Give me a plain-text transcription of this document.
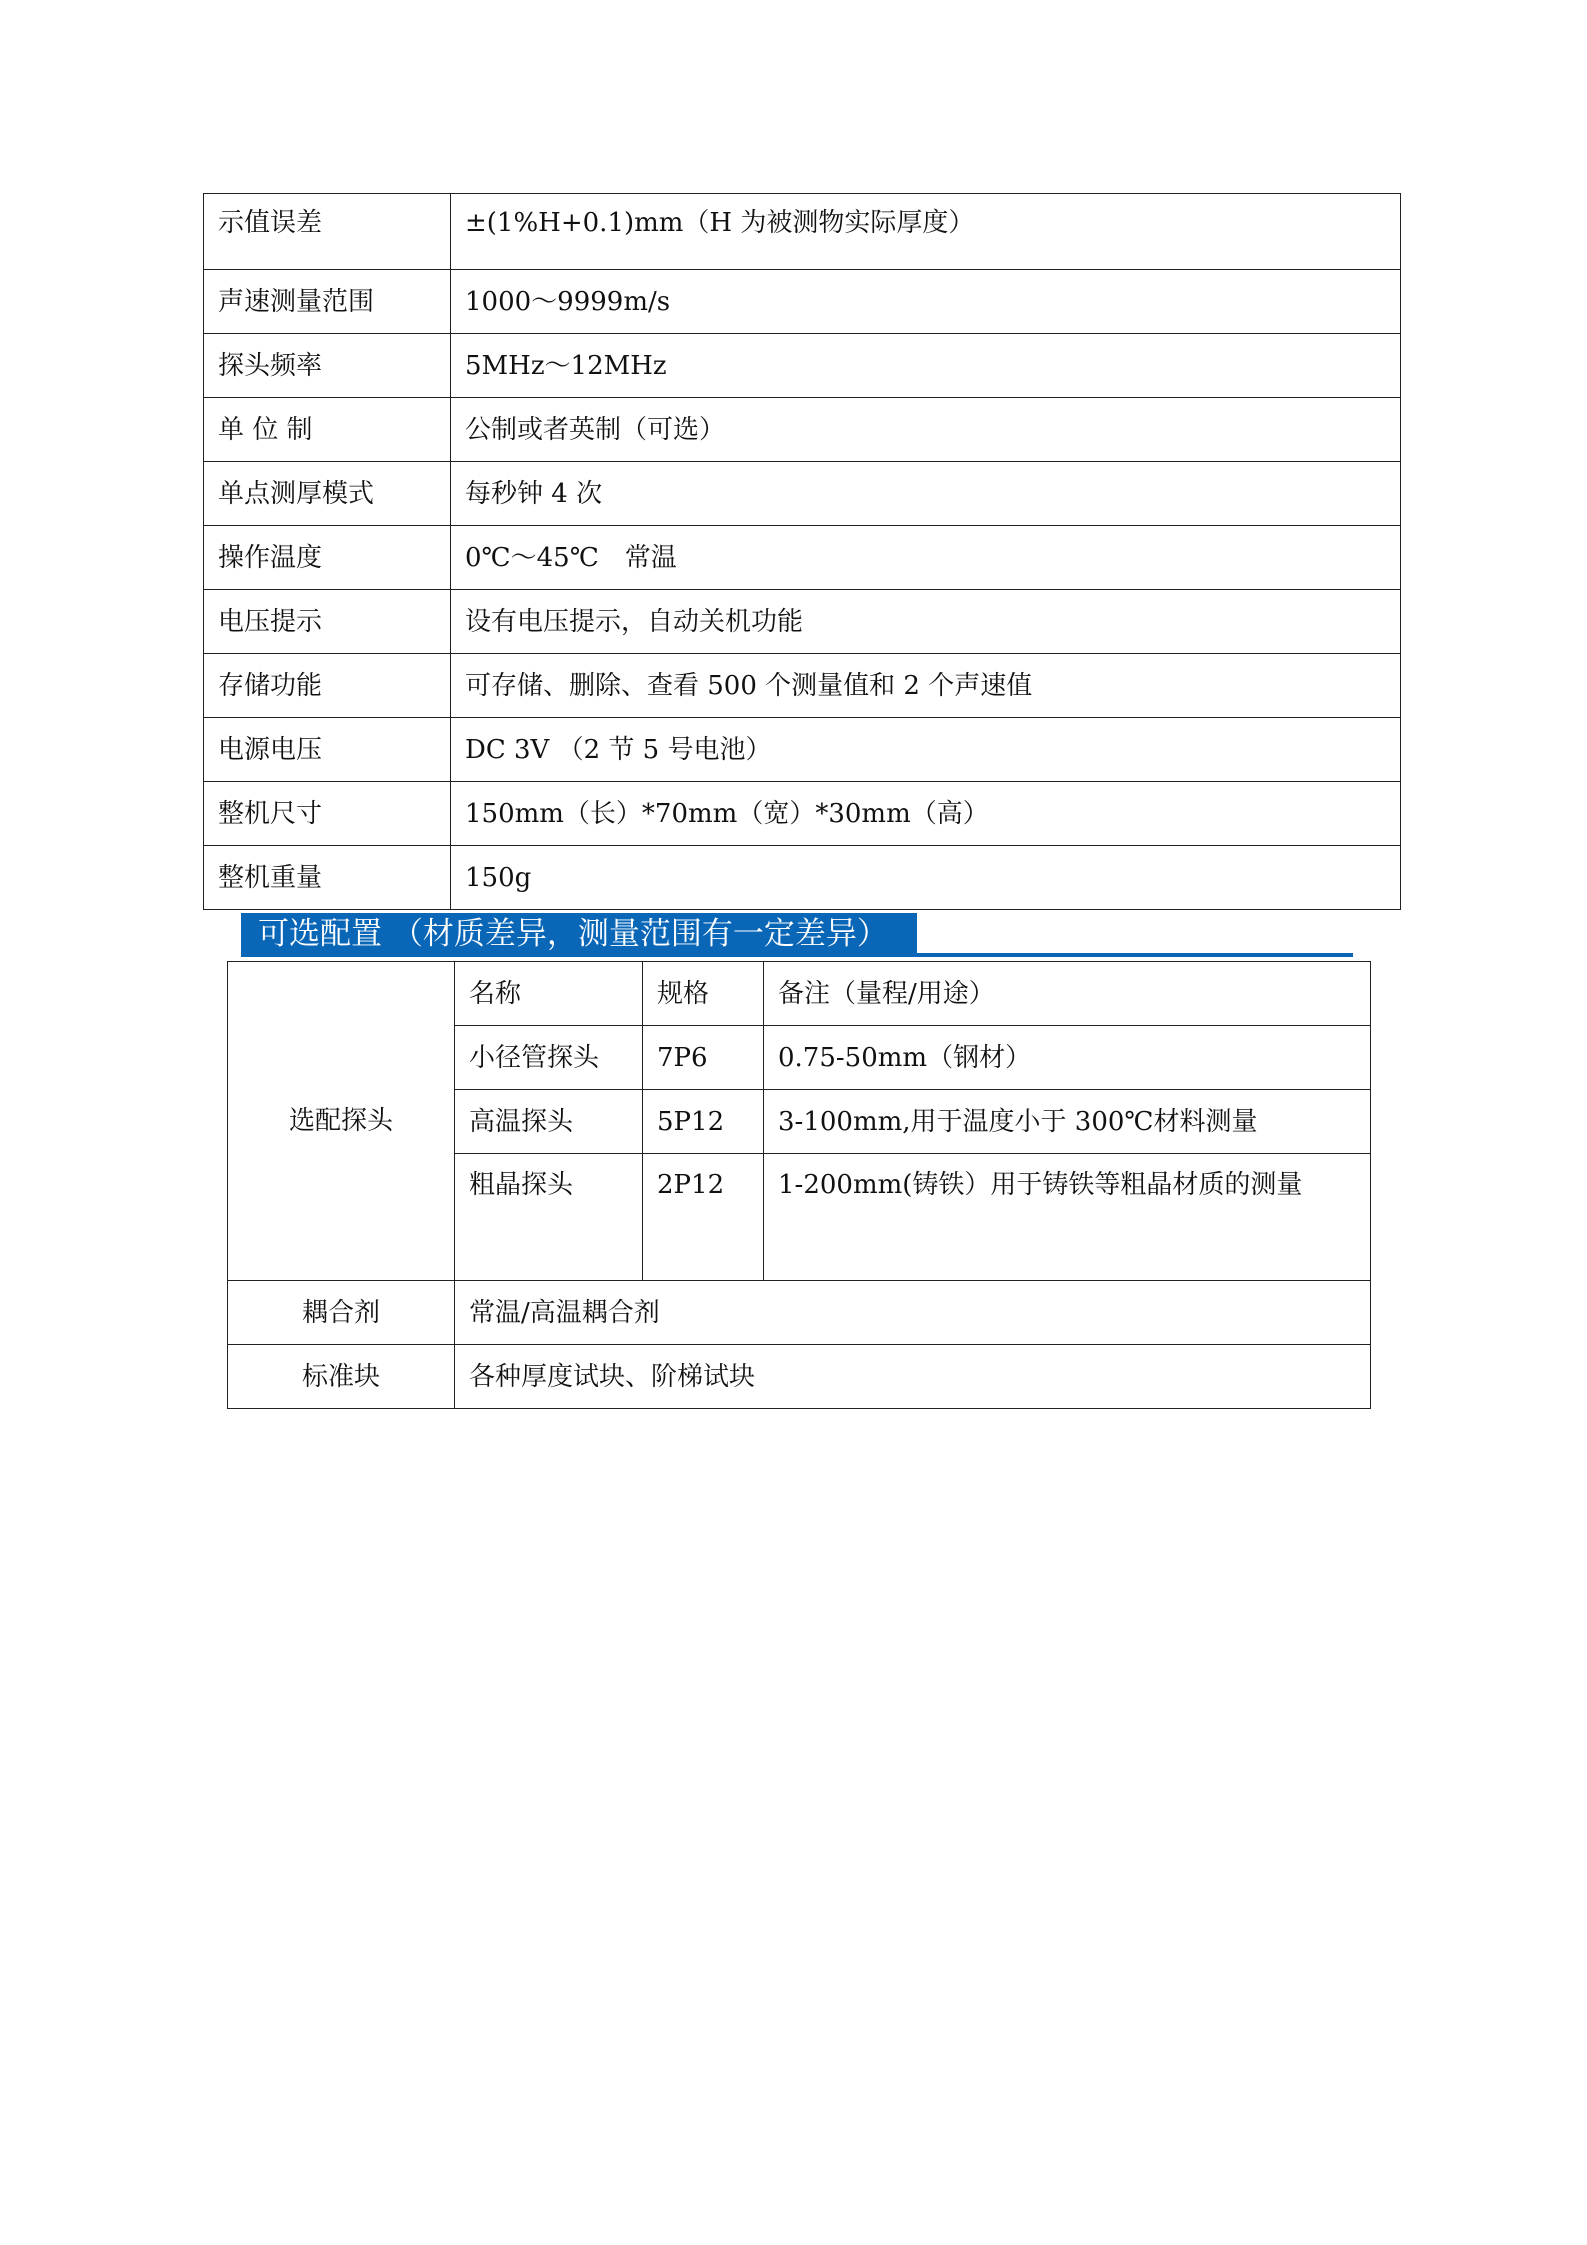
示值误差	±(1%H+0.1)mm（H 为被测物实际厚度）
声速测量范围	1000～9999m/s
探头频率	5MHz～12MHz
单 位 制	公制或者英制（可选）
单点测厚模式	每秒钟 4 次
操作温度	0℃～45℃　常温
电压提示	设有电压提示，自动关机功能
存储功能	可存储、删除、查看 500 个测量值和 2 个声速值
电源电压	DC 3V （2 节 5 号电池）
整机尺寸	150mm（长）*70mm（宽）*30mm（高）
整机重量	150g
可选配置 （材质差异，测量范围有一定差异）
选配探头	名称	规格	备注（量程/用途）
	小径管探头	7P6	0.75-50mm（钢材）
	高温探头	5P12	3-100mm,用于温度小于 300℃材料测量
	粗晶探头	2P12	1-200mm(铸铁）用于铸铁等粗晶材质的测量
耦合剂	常温/高温耦合剂		
标准块	各种厚度试块、阶梯试块		
